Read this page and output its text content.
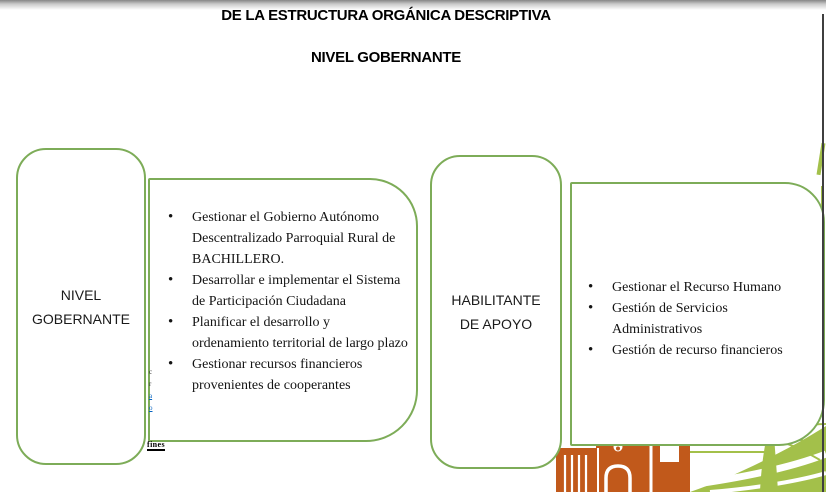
DE LA ESTRUCTURA ORGÁNICA DESCRIPTIVA
NIVEL GOBERNANTE
NIVEL
GOBERNANTE
• Gestionar el Gobierno Autónomo Descentralizado Parroquial Rural de BACHILLERO.
• Desarrollar e implementar el Sistema de Participación Ciudadana
• Planificar el desarrollo y ordenamiento territorial de largo plazo
• Gestionar recursos financieros provenientes de cooperantes
HABILITANTE
DE APOYO
• Gestionar el Recurso Humano
• Gestión de Servicios Administrativos
• Gestión de recurso financieros
c
r
a
o
fines
